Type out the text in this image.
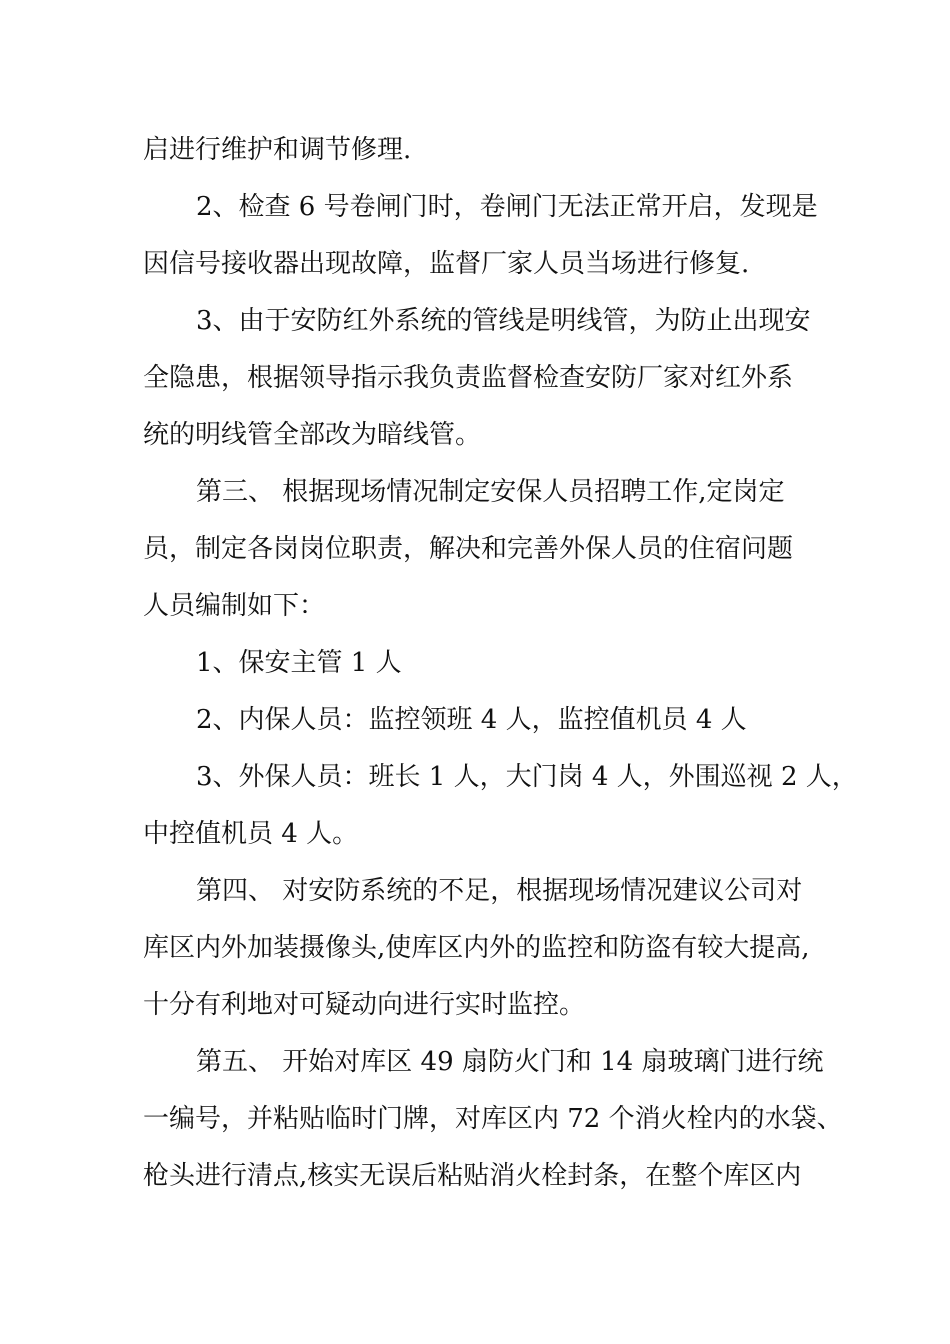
启进行维护和调节修理.
2、检查 6 号卷闸门时，卷闸门无法正常开启，发现是
因信号接收器出现故障，监督厂家人员当场进行修复.
3、由于安防红外系统的管线是明线管，为防止出现安
全隐患，根据领导指示我负责监督检查安防厂家对红外系
统的明线管全部改为暗线管。
第三、 根据现场情况制定安保人员招聘工作,定岗定
员，制定各岗岗位职责，解决和完善外保人员的住宿问题
人员编制如下：
1、保安主管 1 人
2、内保人员：监控领班 4 人，监控值机员 4 人
3、外保人员：班长 1 人，大门岗 4 人，外围巡视 2 人，
中控值机员 4 人。
第四、 对安防系统的不足，根据现场情况建议公司对
库区内外加装摄像头,使库区内外的监控和防盗有较大提高,
十分有利地对可疑动向进行实时监控。
第五、 开始对库区 49 扇防火门和 14 扇玻璃门进行统
一编号，并粘贴临时门牌，对库区内 72 个消火栓内的水袋、
枪头进行清点,核实无误后粘贴消火栓封条，在整个库区内
